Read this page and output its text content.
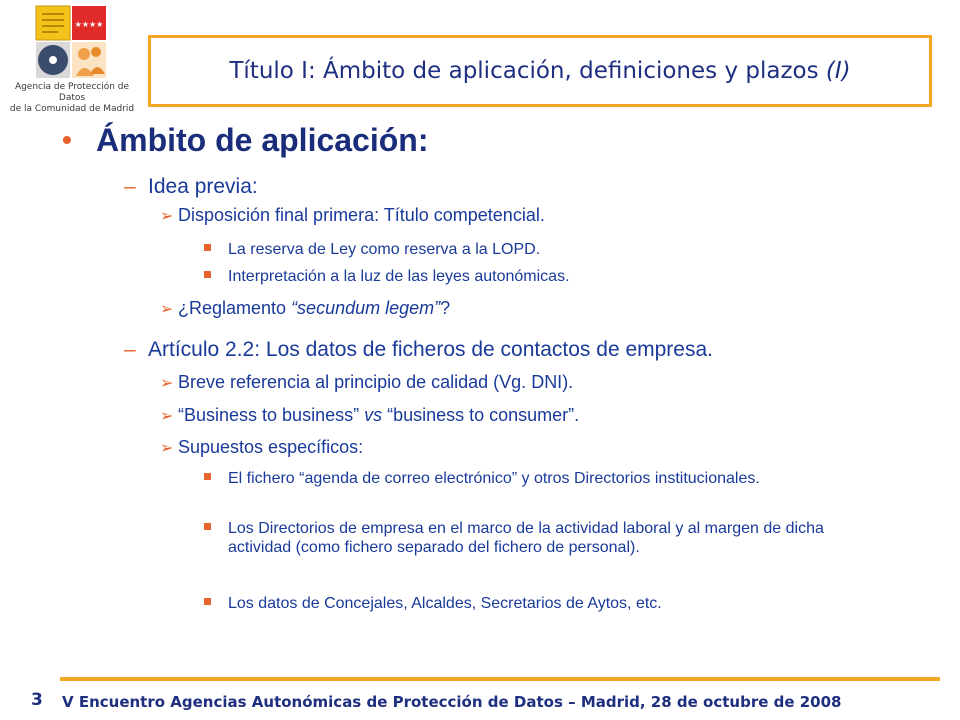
★★★★
Agencia de Protección de Datos
de la Comunidad de Madrid
Título I: Ámbito de aplicación, definiciones y plazos (I)
• Ámbito de aplicación:
– Idea previa:
➢ Disposición final primera: Título competencial.
La reserva de Ley como reserva a la LOPD.
Interpretación a la luz de las leyes autonómicas.
➢ ¿Reglamento “secundum legem”?
– Artículo 2.2: Los datos de ficheros de contactos de empresa.
➢ Breve referencia al principio de calidad (Vg. DNI).
➢ “Business to business” vs “business to consumer”.
➢ Supuestos específicos:
El fichero “agenda de correo electrónico” y otros Directorios institucionales.
Los Directorios de empresa en el marco de la actividad laboral y al margen de dicha actividad (como fichero separado del fichero de personal).
Los datos de Concejales, Alcaldes, Secretarios de Aytos, etc.
3 V Encuentro Agencias Autonómicas de Protección de Datos – Madrid, 28 de octubre de 2008
